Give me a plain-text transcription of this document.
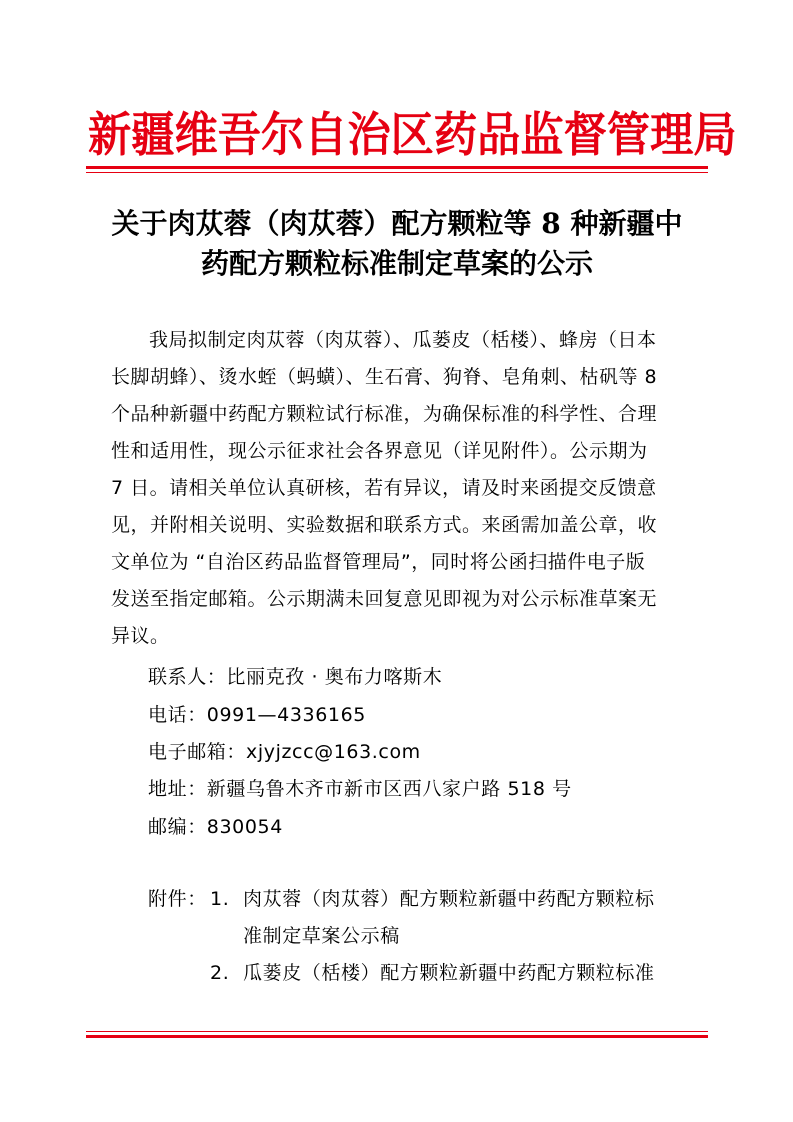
新疆维吾尔自治区药品监督管理局
关于肉苁蓉（肉苁蓉）配方颗粒等 8 种新疆中
药配方颗粒标准制定草案的公示
我局拟制定肉苁蓉（肉苁蓉）、瓜蒌皮（栝楼）、蜂房（日本
长脚胡蜂）、烫水蛭（蚂蟥）、生石膏、狗脊、皂角刺、枯矾等 8
个品种新疆中药配方颗粒试行标准，为确保标准的科学性、合理
性和适用性，现公示征求社会各界意见（详见附件）。公示期为
7 日。请相关单位认真研核，若有异议，请及时来函提交反馈意
见，并附相关说明、实验数据和联系方式。来函需加盖公章，收
文单位为 “自治区药品监督管理局”，同时将公函扫描件电子版
发送至指定邮箱。公示期满未回复意见即视为对公示标准草案无
异议。
联系人：比丽克孜 · 奥布力喀斯木
电话：0991—4336165
电子邮箱：xjyjzcc@163.com
地址：新疆乌鲁木齐市新市区西八家户路 518 号
邮编：830054
附件： 1. 肉苁蓉（肉苁蓉）配方颗粒新疆中药配方颗粒标
准制定草案公示稿
2. 瓜蒌皮（栝楼）配方颗粒新疆中药配方颗粒标准
